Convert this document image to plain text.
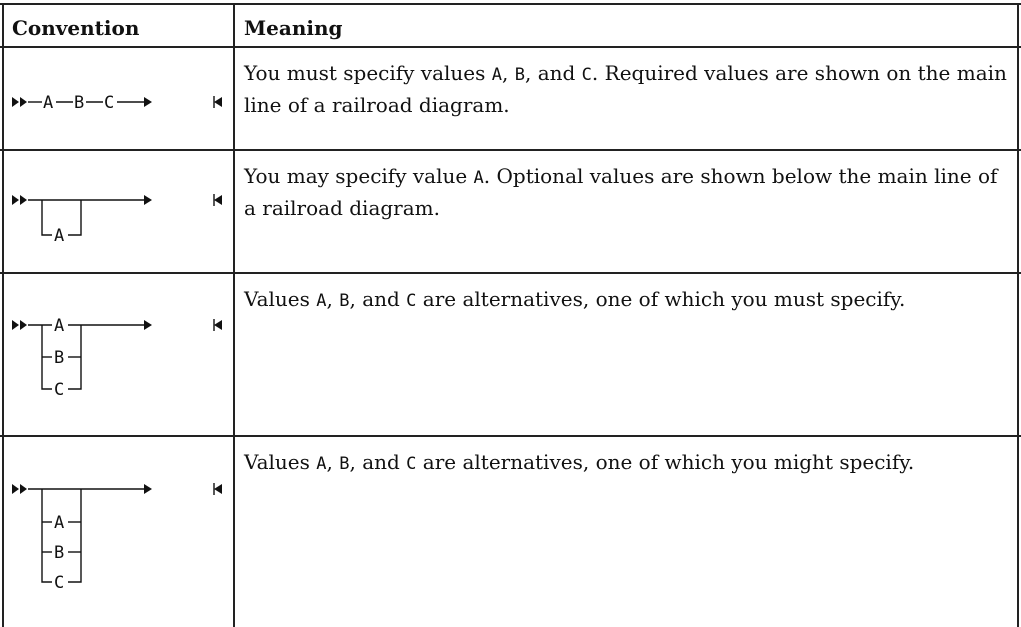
Convention	Meaning
You must specify values A, B, and C. Required values are shown on the main line of a railroad diagram.
You may specify value A. Optional values are shown below the main line of a railroad diagram.
Values A, B, and C are alternatives, one of which you must specify.
Values A, B, and C are alternatives, one of which you might specify.
A B C
A
A
B
C
A
B
C
